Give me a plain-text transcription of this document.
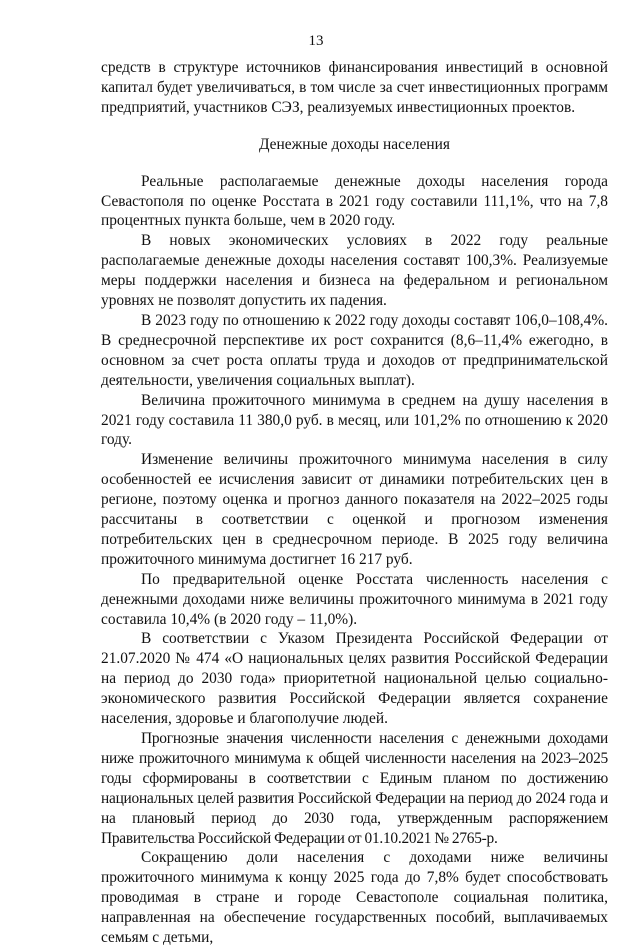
13

средств в структуре источников финансирования инвестиций в основной капитал будет увеличиваться, в том числе за счет инвестиционных программ предприятий, участников СЭЗ, реализуемых инвестиционных проектов.

Денежные доходы населения

Реальные располагаемые денежные доходы населения города Севастополя по оценке Росстата в 2021 году составили 111,1%, что на 7,8 процентных пункта больше, чем в 2020 году.

В новых экономических условиях в 2022 году реальные располагаемые денежные доходы населения составят 100,3%. Реализуемые меры поддержки населения и бизнеса на федеральном и региональном уровнях не позволят допустить их падения.

В 2023 году по отношению к 2022 году доходы составят 106,0–108,4%. В среднесрочной перспективе их рост сохранится (8,6–11,4% ежегодно, в основном за счет роста оплаты труда и доходов от предпринимательской деятельности, увеличения социальных выплат).

Величина прожиточного минимума в среднем на душу населения в 2021 году составила 11 380,0 руб. в месяц, или 101,2% по отношению к 2020 году.

Изменение величины прожиточного минимума населения в силу особенностей ее исчисления зависит от динамики потребительских цен в регионе, поэтому оценка и прогноз данного показателя на 2022–2025 годы рассчитаны в соответствии с оценкой и прогнозом изменения потребительских цен в среднесрочном периоде. В 2025 году величина прожиточного минимума достигнет 16 217 руб.

По предварительной оценке Росстата численность населения с денежными доходами ниже величины прожиточного минимума в 2021 году составила 10,4% (в 2020 году – 11,0%).

В соответствии с Указом Президента Российской Федерации от 21.07.2020 № 474 «О национальных целях развития Российской Федерации на период до 2030 года» приоритетной национальной целью социально-экономического развития Российской Федерации является сохранение населения, здоровье и благополучие людей.

Прогнозные значения численности населения с денежными доходами ниже прожиточного минимума к общей численности населения на 2023–2025 годы сформированы в соответствии с Единым планом по достижению национальных целей развития Российской Федерации на период до 2024 года и на плановый период до 2030 года, утвержденным распоряжением Правительства Российской Федерации от 01.10.2021 № 2765-р.

Сокращению доли населения с доходами ниже величины прожиточного минимума к концу 2025 года до 7,8% будет способствовать проводимая в стране и городе Севастополе социальная политика, направленная на обеспечение государственных пособий, выплачиваемых семьям с детьми,
